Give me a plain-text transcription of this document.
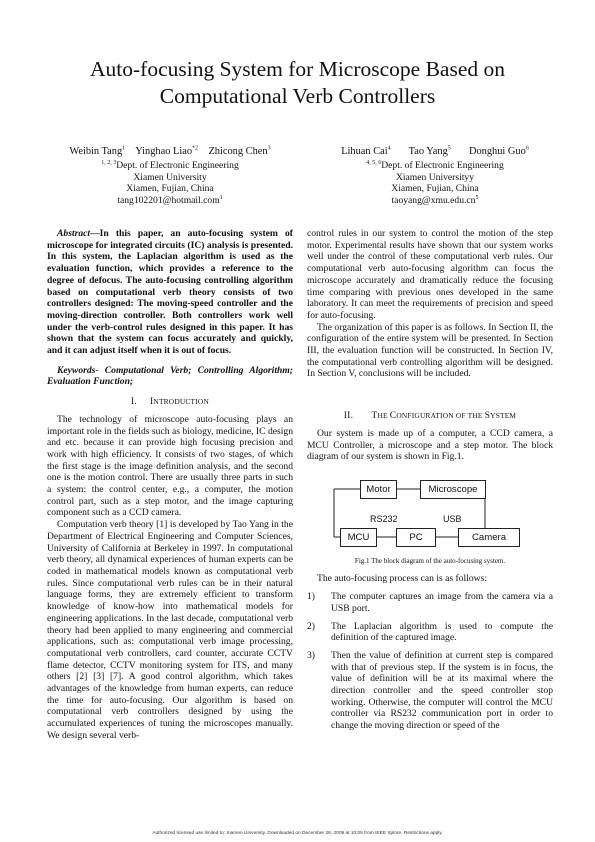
Auto-focusing System for Microscope Based on
Computational Verb Controllers
Weibin Tang$^1$ Yinghao Liao$^{*2}$ Zhicong Chen$^3$
$^{1, 2, 3}$Dept. of Electronic Engineering
Xiamen University
Xiamen, Fujian, China
tang102201@hotmail.com$^1$
Lihuan Cai$^4$ Tao Yang$^5$ Donghui Guo$^6$
$^{4, 5, 6}$Dept. of Electronic Engineering
Xiamen Universityy
Xiamen, Fujian, China
$taoyang@xmu.edu.cn^5$

Abstract—In this paper, an auto-focusing system of microscope for integrated circuits (IC) analysis is presented. In this system, the Laplacian algorithm is used as the evaluation function, which provides a reference to the degree of defocus. The auto-focusing controlling algorithm based on computational verb theory consists of two controllers designed: The moving-speed controller and the moving-direction controller. Both controllers work well under the verb-control rules designed in this paper. It has shown that the system can focus accurately and quickly, and it can adjust itself when it is out of focus.

Keywords- Computational Verb; Controlling Algorithm; Evaluation Function;

I. INTRODUCTION

The technology of microscope auto-focusing plays an important role in the fields such as biology, medicine, IC design and etc. because it can provide high focusing precision and work with high efficiency. It consists of two stages, of which the first stage is the image definition analysis, and the second one is the motion control. There are usually three parts in such a system: the control center, e.g., a computer, the motion control part, such as a step motor, and the image capturing component such as a CCD camera.

Computation verb theory [1] is developed by Tao Yang in the Department of Electrical Engineering and Computer Sciences, University of California at Berkeley in 1997. In computational verb theory, all dynamical experiences of human experts can be coded in mathematical models known as computational verb rules. Since computational verb rules can be in their natural language forms, they are extremely efficient to transform knowledge of know-how into mathematical models for engineering applications. In the last decade, computational verb theory had been applied to many engineering and commercial applications, such as: computational verb image processing, computational verb controllers, card counter, accurate CCTV flame detector, CCTV monitoring system for ITS, and many others [2] [3] [7]. A good control algorithm, which takes advantages of the knowledge from human experts, can reduce the time for auto-focusing. Our algorithm is based on computational verb controllers designed by using the accumulated experiences of tuning the microscopes manually. We design several verb-

control rules in our system to control the motion of the step motor. Experimental results have shown that our system works well under the control of these computational verb rules. Our computational verb auto-focusing algorithm can focus the microscope accurately and dramatically reduce the focusing time comparing with previous ones developed in the same laboratory. It can meet the requirements of precision and speed for auto-focusing.

The organization of this paper is as follows. In Section II, the configuration of the entire system will be presented. In Section III, the evaluation function will be constructed. In Section IV, the computational verb controlling algorithm will be designed. In Section V, conclusions will be included.

II. THE CONFIGURATION OF THE SYSTEM

Our system is made up of a computer, a CCD camera, a MCU Controller, a microscope and a step motor. The block diagram of our system is shown in Fig.1.

Motor	Microscope
RS232	USB
MCU	PC	Camera
Fig.1 The block diagram of the auto-focusing system.

The auto-focusing process can is as follows:

1) The computer captures an image from the camera via a USB port.
2) The Laplacian algorithm is used to compute the definition of the captured image.
3) Then the value of definition at current step is compared with that of previous step. If the system is in focus, the value of definition will be at its maximal where the direction controller and the speed controller stop working. Otherwise, the computer will control the MCU controller via RS232 communication port in order to change the moving direction or speed of the
Authorized licensed use limited to: Xiamen University. Downloaded on December 28, 2009 at 10:05 from IEEE Xplore. Restrictions apply.
